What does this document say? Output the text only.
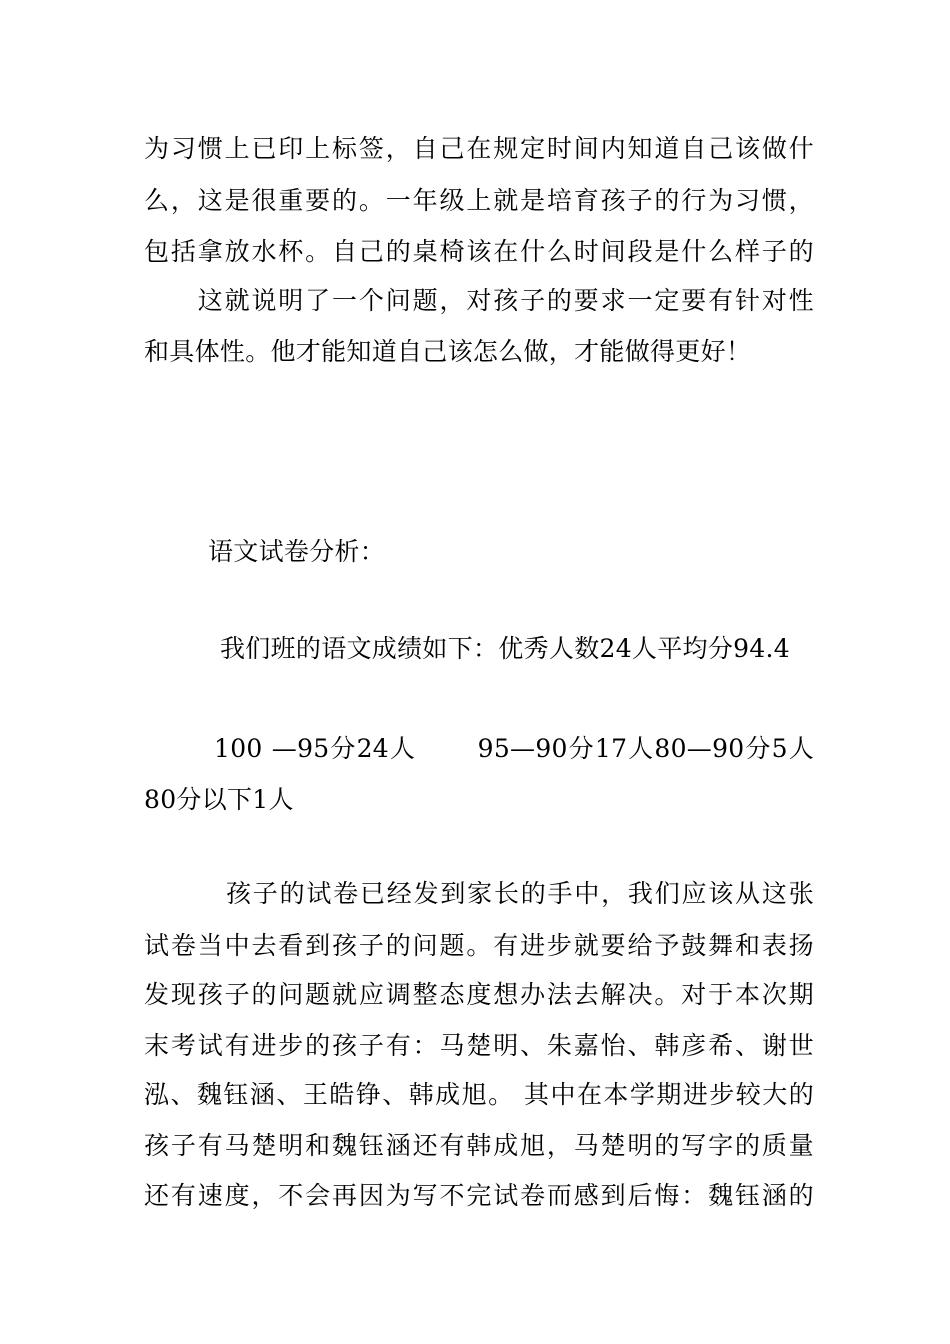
为习惯上已印上标签，自己在规定时间内知道自己该做什
么，这是很重要的。一年级上就是培育孩子的行为习惯，
包括拿放水杯。自己的桌椅该在什么时间段是什么样子的
　　这就说明了一个问题，对孩子的要求一定要有针对性
和具体性。他才能知道自己该怎么做，才能做得更好！
语文试卷分析：
我们班的语文成绩如下：优秀人数24人平均分94.4
100 —95分24人　　 95—90分17人80—90分5人
80分以下1人
孩子的试卷已经发到家长的手中，我们应该从这张
试卷当中去看到孩子的问题。有进步就要给予鼓舞和表扬
发现孩子的问题就应调整态度想办法去解决。对于本次期
末考试有进步的孩子有：马楚明、朱嘉怡、韩彦希、谢世
泓、魏钰涵、王皓铮、韩成旭。 其中在本学期进步较大的
孩子有马楚明和魏钰涵还有韩成旭，马楚明的写字的质量
还有速度，不会再因为写不完试卷而感到后悔：魏钰涵的
